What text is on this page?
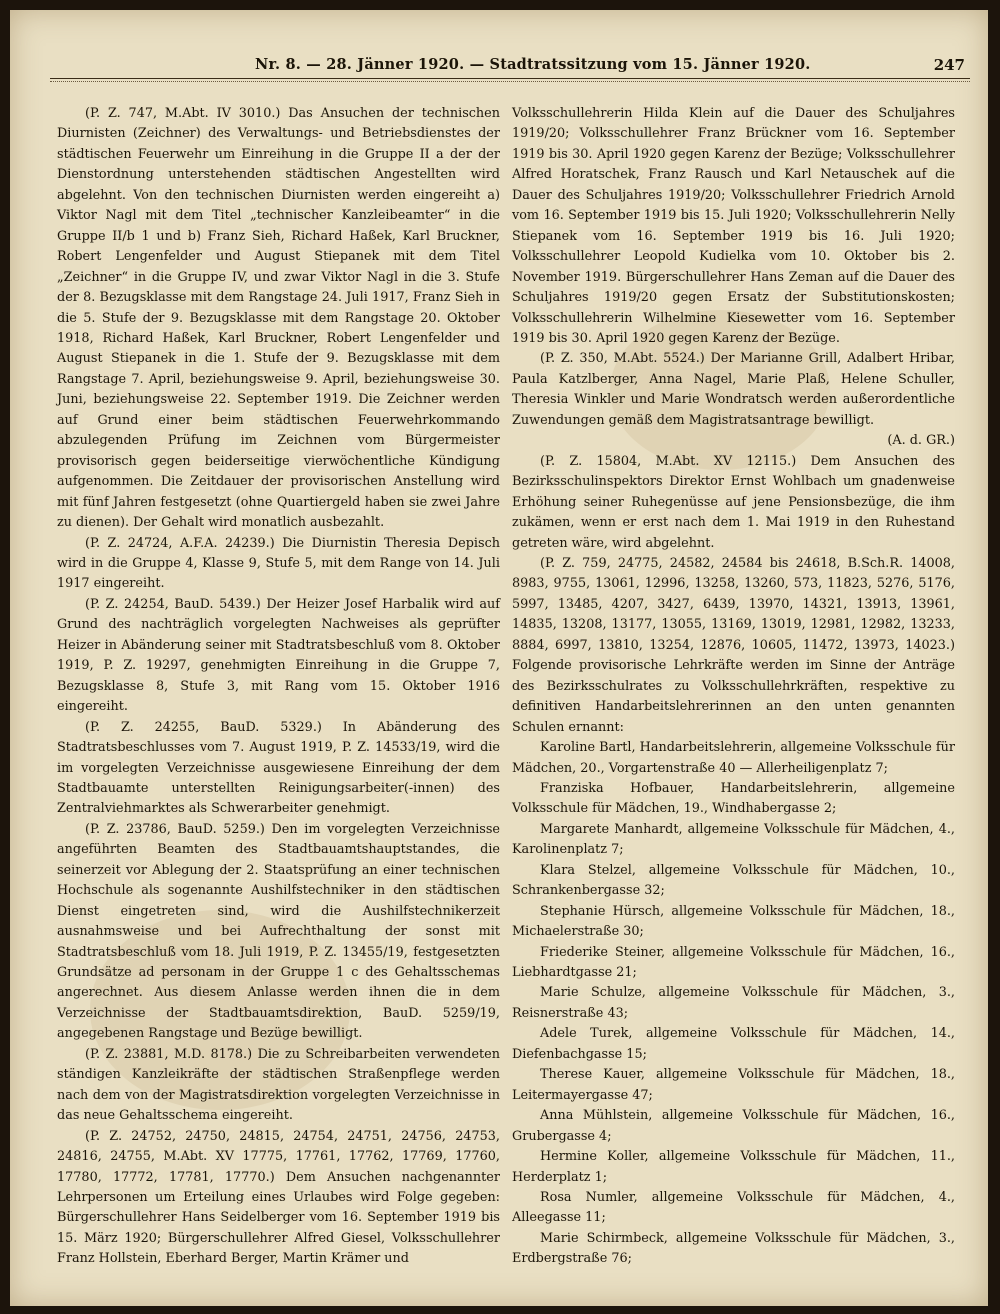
Nr. 8. — 28. Jänner 1920. — Stadtratssitzung vom 15. Jänner 1920.	247

(P. Z. 747, M.Abt. IV 3010.) Das Ansuchen der technischen Diurnisten (Zeichner) des Verwaltungs- und Betriebsdienstes der städtischen Feuerwehr um Einreihung in die Gruppe II a der der Dienstordnung unterstehenden städtischen Angestellten wird abgelehnt. Von den technischen Diurnisten werden eingereiht a) Viktor Nagl mit dem Titel „technischer Kanzleibeamter“ in die Gruppe II/b 1 und b) Franz Sieh, Richard Haßek, Karl Bruckner, Robert Lengenfelder und August Stiepanek mit dem Titel „Zeichner“ in die Gruppe IV, und zwar Viktor Nagl in die 3. Stufe der 8. Bezugsklasse mit dem Rangstage 24. Juli 1917, Franz Sieh in die 5. Stufe der 9. Bezugsklasse mit dem Rangstage 20. Oktober 1918, Richard Haßek, Karl Bruckner, Robert Lengenfelder und August Stiepanek in die 1. Stufe der 9. Bezugsklasse mit dem Rangstage 7. April, beziehungsweise 9. April, beziehungsweise 30. Juni, beziehungsweise 22. September 1919. Die Zeichner werden auf Grund einer beim städtischen Feuerwehrkommando abzulegenden Prüfung im Zeichnen vom Bürgermeister provisorisch gegen beiderseitige vierwöchentliche Kündigung aufgenommen. Die Zeitdauer der provisorischen Anstellung wird mit fünf Jahren festgesetzt (ohne Quartiergeld haben sie zwei Jahre zu dienen). Der Gehalt wird monatlich ausbezahlt.

(P. Z. 24724, A.F.A. 24239.) Die Diurnistin Theresia Depisch wird in die Gruppe 4, Klasse 9, Stufe 5, mit dem Range von 14. Juli 1917 eingereiht.

(P. Z. 24254, BauD. 5439.) Der Heizer Josef Harbalik wird auf Grund des nachträglich vorgelegten Nachweises als geprüfter Heizer in Abänderung seiner mit Stadtratsbeschluß vom 8. Oktober 1919, P. Z. 19297, genehmigten Einreihung in die Gruppe 7, Bezugsklasse 8, Stufe 3, mit Rang vom 15. Oktober 1916 eingereiht.

(P. Z. 24255, BauD. 5329.) In Abänderung des Stadtratsbeschlusses vom 7. August 1919, P. Z. 14533/19, wird die im vorgelegten Verzeichnisse ausgewiesene Einreihung der dem Stadtbauamte unterstellten Reinigungsarbeiter(-innen) des Zentralviehmarktes als Schwerarbeiter genehmigt.

(P. Z. 23786, BauD. 5259.) Den im vorgelegten Verzeichnisse angeführten Beamten des Stadtbauamtshauptstandes, die seinerzeit vor Ablegung der 2. Staatsprüfung an einer technischen Hochschule als sogenannte Aushilfstechniker in den städtischen Dienst eingetreten sind, wird die Aushilfstechnikerzeit ausnahmsweise und bei Aufrechthaltung der sonst mit Stadtratsbeschluß vom 18. Juli 1919, P. Z. 13455/19, festgesetzten Grundsätze ad personam in der Gruppe 1 c des Gehaltsschemas angerechnet. Aus diesem Anlasse werden ihnen die in dem Verzeichnisse der Stadtbauamtsdirektion, BauD. 5259/19, angegebenen Rangstage und Bezüge bewilligt.

(P. Z. 23881, M.D. 8178.) Die zu Schreibarbeiten verwendeten ständigen Kanzleikräfte der städtischen Straßenpflege werden nach dem von der Magistratsdirektion vorgelegten Verzeichnisse in das neue Gehaltsschema eingereiht.

(P. Z. 24752, 24750, 24815, 24754, 24751, 24756, 24753, 24816, 24755, M.Abt. XV 17775, 17761, 17762, 17769, 17760, 17780, 17772, 17781, 17770.) Dem Ansuchen nachgenannter Lehrpersonen um Erteilung eines Urlaubes wird Folge gegeben: Bürgerschullehrer Hans Seidelberger vom 16. September 1919 bis 15. März 1920; Bürgerschullehrer Alfred Giesel, Volksschullehrer Franz Hollstein, Eberhard Berger, Martin Krämer und

Volksschullehrerin Hilda Klein auf die Dauer des Schuljahres 1919/20; Volksschullehrer Franz Brückner vom 16. September 1919 bis 30. April 1920 gegen Karenz der Bezüge; Volksschullehrer Alfred Horatschek, Franz Rausch und Karl Netauschek auf die Dauer des Schuljahres 1919/20; Volksschullehrer Friedrich Arnold vom 16. September 1919 bis 15. Juli 1920; Volksschullehrerin Nelly Stiepanek vom 16. September 1919 bis 16. Juli 1920; Volksschullehrer Leopold Kudielka vom 10. Oktober bis 2. November 1919. Bürgerschullehrer Hans Zeman auf die Dauer des Schuljahres 1919/20 gegen Ersatz der Substitutionskosten; Volksschullehrerin Wilhelmine Kiesewetter vom 16. September 1919 bis 30. April 1920 gegen Karenz der Bezüge.

(P. Z. 350, M.Abt. 5524.) Der Marianne Grill, Adalbert Hribar, Paula Katzlberger, Anna Nagel, Marie Plaß, Helene Schuller, Theresia Winkler und Marie Wondratsch werden außerordentliche Zuwendungen gemäß dem Magistratsantrage bewilligt.

(A. d. GR.)

(P. Z. 15804, M.Abt. XV 12115.) Dem Ansuchen des Bezirksschulinspektors Direktor Ernst Wohlbach um gnadenweise Erhöhung seiner Ruhegenüsse auf jene Pensionsbezüge, die ihm zukämen, wenn er erst nach dem 1. Mai 1919 in den Ruhestand getreten wäre, wird abgelehnt.

(P. Z. 759, 24775, 24582, 24584 bis 24618, B.Sch.R. 14008, 8983, 9755, 13061, 12996, 13258, 13260, 573, 11823, 5276, 5176, 5997, 13485, 4207, 3427, 6439, 13970, 14321, 13913, 13961, 14835, 13208, 13177, 13055, 13169, 13019, 12981, 12982, 13233, 8884, 6997, 13810, 13254, 12876, 10605, 11472, 13973, 14023.) Folgende provisorische Lehrkräfte werden im Sinne der Anträge des Bezirksschulrates zu Volksschullehrkräften, respektive zu definitiven Handarbeitslehrerinnen an den unten genannten Schulen ernannt:

Karoline Bartl, Handarbeitslehrerin, allgemeine Volksschule für Mädchen, 20., Vorgartenstraße 40 — Allerheiligenplatz 7;

Franziska Hofbauer, Handarbeitslehrerin, allgemeine Volksschule für Mädchen, 19., Windhabergasse 2;

Margarete Manhardt, allgemeine Volksschule für Mädchen, 4., Karolinenplatz 7;

Klara Stelzel, allgemeine Volksschule für Mädchen, 10., Schrankenbergasse 32;

Stephanie Hürsch, allgemeine Volksschule für Mädchen, 18., Michaelerstraße 30;

Friederike Steiner, allgemeine Volksschule für Mädchen, 16., Liebhardtgasse 21;

Marie Schulze, allgemeine Volksschule für Mädchen, 3., Reisnerstraße 43;

Adele Turek, allgemeine Volksschule für Mädchen, 14., Diefenbachgasse 15;

Therese Kauer, allgemeine Volksschule für Mädchen, 18., Leitermayergasse 47;

Anna Mühlstein, allgemeine Volksschule für Mädchen, 16., Grubergasse 4;

Hermine Koller, allgemeine Volksschule für Mädchen, 11., Herderplatz 1;

Rosa Numler, allgemeine Volksschule für Mädchen, 4., Alleegasse 11;

Marie Schirmbeck, allgemeine Volksschule für Mädchen, 3., Erdbergstraße 76;
